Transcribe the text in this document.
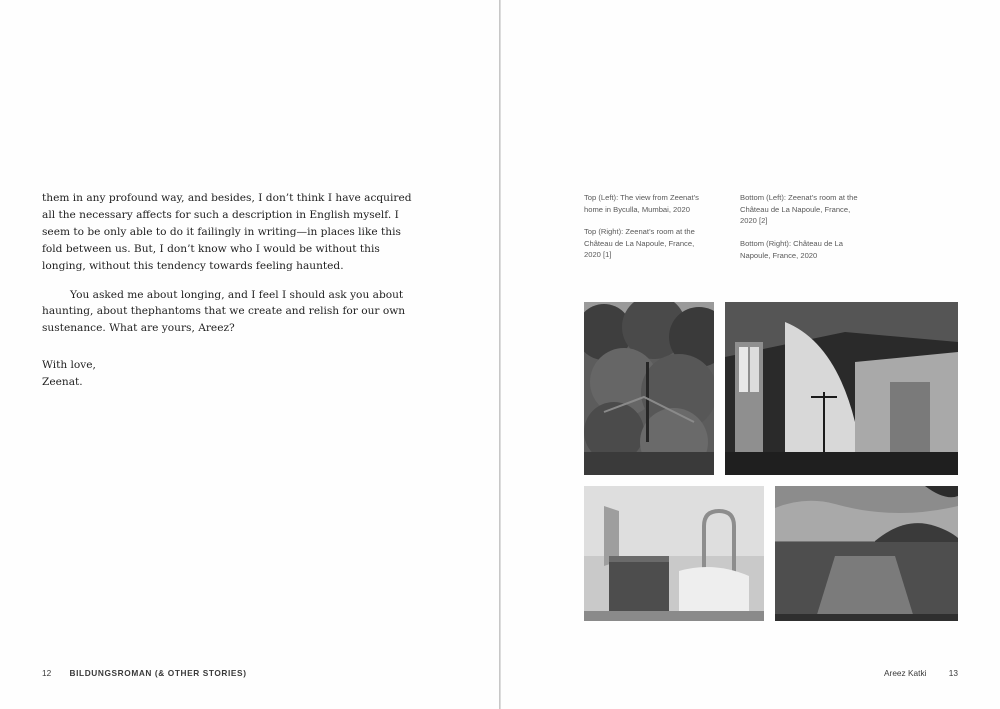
them in any profound way, and besides, I don’t think I have acquired all the necessary affects for such a description in English myself. I seem to be only able to do it failingly in writing—in places like this fold between us. But, I don’t know who I would be without this longing, without this tendency towards feeling haunted.

You asked me about longing, and I feel I should ask you about haunting, about thephantoms that we create and relish for our own sustenance. What are yours, Areez?

With love,

Zeenat.

12 BILDUNGSROMAN (& OTHER STORIES)
Top (Left): The view from Zeenat’s home in Byculla, Mumbai, 2020
Top (Right): Zeenat’s room at the Château de La Napoule, France, 2020 [1]
Bottom (Left): Zeenat’s room at the Château de La Napoule, France, 2020 [2]
Bottom (Right): Château de La Napoule, France, 2020
Areez Katki	13
